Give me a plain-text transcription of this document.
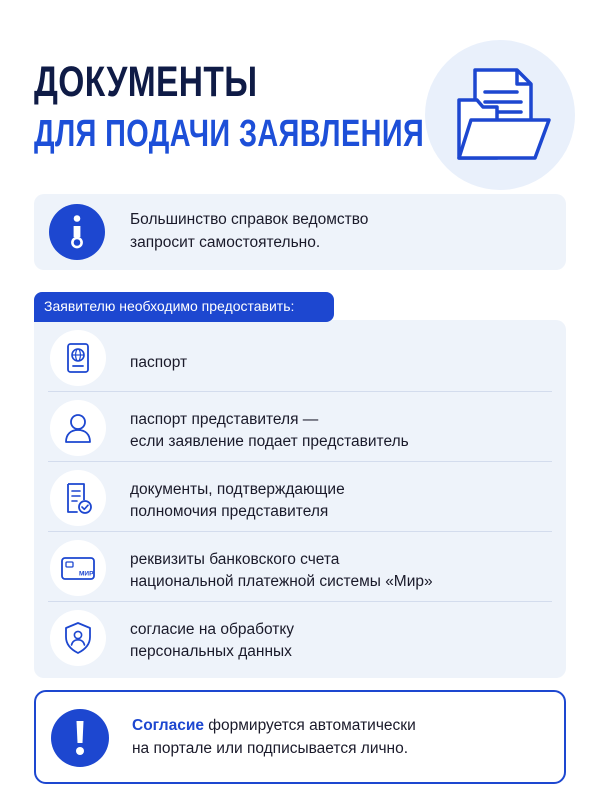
ДОКУМЕНТЫ
ДЛЯ ПОДАЧИ ЗАЯВЛЕНИЯ
Большинство справок ведомство
запросит самостоятельно.
Заявителю необходимо предоставить:
паспорт
паспорт представителя —
если заявление подает представитель
документы, подтверждающие
полномочия представителя
МИР
реквизиты банковского счета
национальной платежной системы «Мир»
согласие на обработку
персональных данных
Согласие формируется автоматически
на портале или подписывается лично.
